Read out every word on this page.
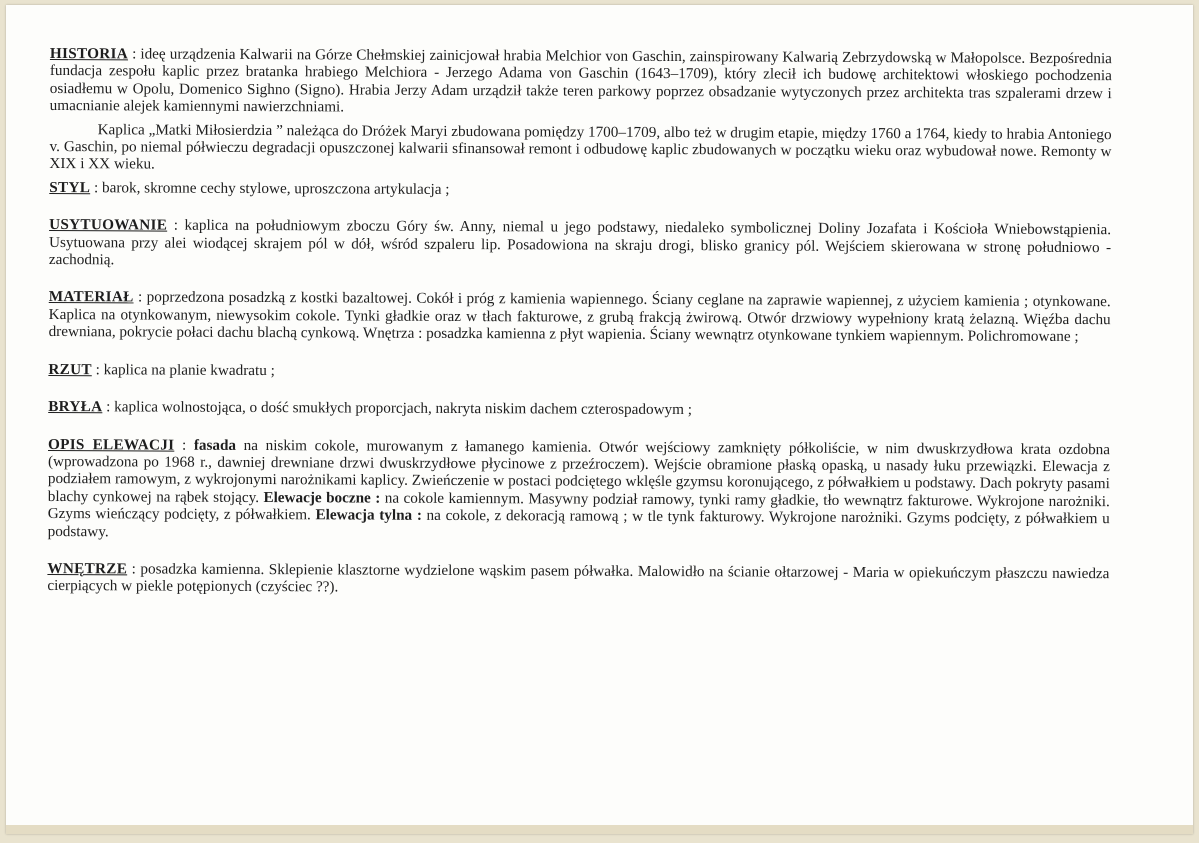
HISTORIA : ideę urządzenia Kalwarii na Górze Chełmskiej zainicjował hrabia Melchior von Gaschin, zainspirowany Kalwarią Zebrzydowską w Małopolsce. Bezpośrednia fundacja zespołu kaplic przez bratanka hrabiego Melchiora - Jerzego Adama von Gaschin (1643–1709), który zlecił ich budowę architektowi włoskiego pochodzenia osiadłemu w Opolu, Domenico Sighno (Signo). Hrabia Jerzy Adam urządził także teren parkowy poprzez obsadzanie wytyczonych przez architekta tras szpalerami drzew i umacnianie alejek kamiennymi nawierzchniami.

Kaplica „Matki Miłosierdzia ” należąca do Dróżek Maryi zbudowana pomiędzy 1700–1709, albo też w drugim etapie, między 1760 a 1764, kiedy to hrabia Antoniego v. Gaschin, po niemal półwieczu degradacji opuszczonej kalwarii sfinansował remont i odbudowę kaplic zbudowanych w początku wieku oraz wybudował nowe. Remonty w XIX i XX wieku.

STYL : barok, skromne cechy stylowe, uproszczona artykulacja ;

USYTUOWANIE : kaplica na południowym zboczu Góry św. Anny, niemal u jego podstawy, niedaleko symbolicznej Doliny Jozafata i Kościoła Wniebowstąpienia. Usytuowana przy alei wiodącej skrajem pól w dół, wśród szpaleru lip. Posadowiona na skraju drogi, blisko granicy pól. Wejściem skierowana w stronę południowo - zachodnią.

MATERIAŁ : poprzedzona posadzką z kostki bazaltowej. Cokół i próg z kamienia wapiennego. Ściany ceglane na zaprawie wapiennej, z użyciem kamienia ; otynkowane. Kaplica na otynkowanym, niewysokim cokole. Tynki gładkie oraz w tłach fakturowe, z grubą frakcją żwirową. Otwór drzwiowy wypełniony kratą żelazną. Więźba dachu drewniana, pokrycie połaci dachu blachą cynkową. Wnętrza : posadzka kamienna z płyt wapienia. Ściany wewnątrz otynkowane tynkiem wapiennym. Polichromowane ;

RZUT : kaplica na planie kwadratu ;

BRYŁA : kaplica wolnostojąca, o dość smukłych proporcjach, nakryta niskim dachem czterospadowym ;

OPIS ELEWACJI : fasada na niskim cokole, murowanym z łamanego kamienia. Otwór wejściowy zamknięty półkoliście, w nim dwuskrzydłowa krata ozdobna (wprowadzona po 1968 r., dawniej drewniane drzwi dwuskrzydłowe płycinowe z przeźroczem). Wejście obramione płaską opaską, u nasady łuku przewiązki. Elewacja z podziałem ramowym, z wykrojonymi narożnikami kaplicy. Zwieńczenie w postaci podciętego wklęśle gzymsu koronującego, z półwałkiem u podstawy. Dach pokryty pasami blachy cynkowej na rąbek stojący. Elewacje boczne : na cokole kamiennym. Masywny podział ramowy, tynki ramy gładkie, tło wewnątrz fakturowe. Wykrojone narożniki. Gzyms wieńczący podcięty, z półwałkiem. Elewacja tylna : na cokole, z dekoracją ramową ; w tle tynk fakturowy. Wykrojone narożniki. Gzyms podcięty, z półwałkiem u podstawy.

WNĘTRZE : posadzka kamienna. Sklepienie klasztorne wydzielone wąskim pasem półwałka. Malowidło na ścianie ołtarzowej - Maria w opiekuńczym płaszczu nawiedza cierpiących w piekle potępionych (czyściec ??).
